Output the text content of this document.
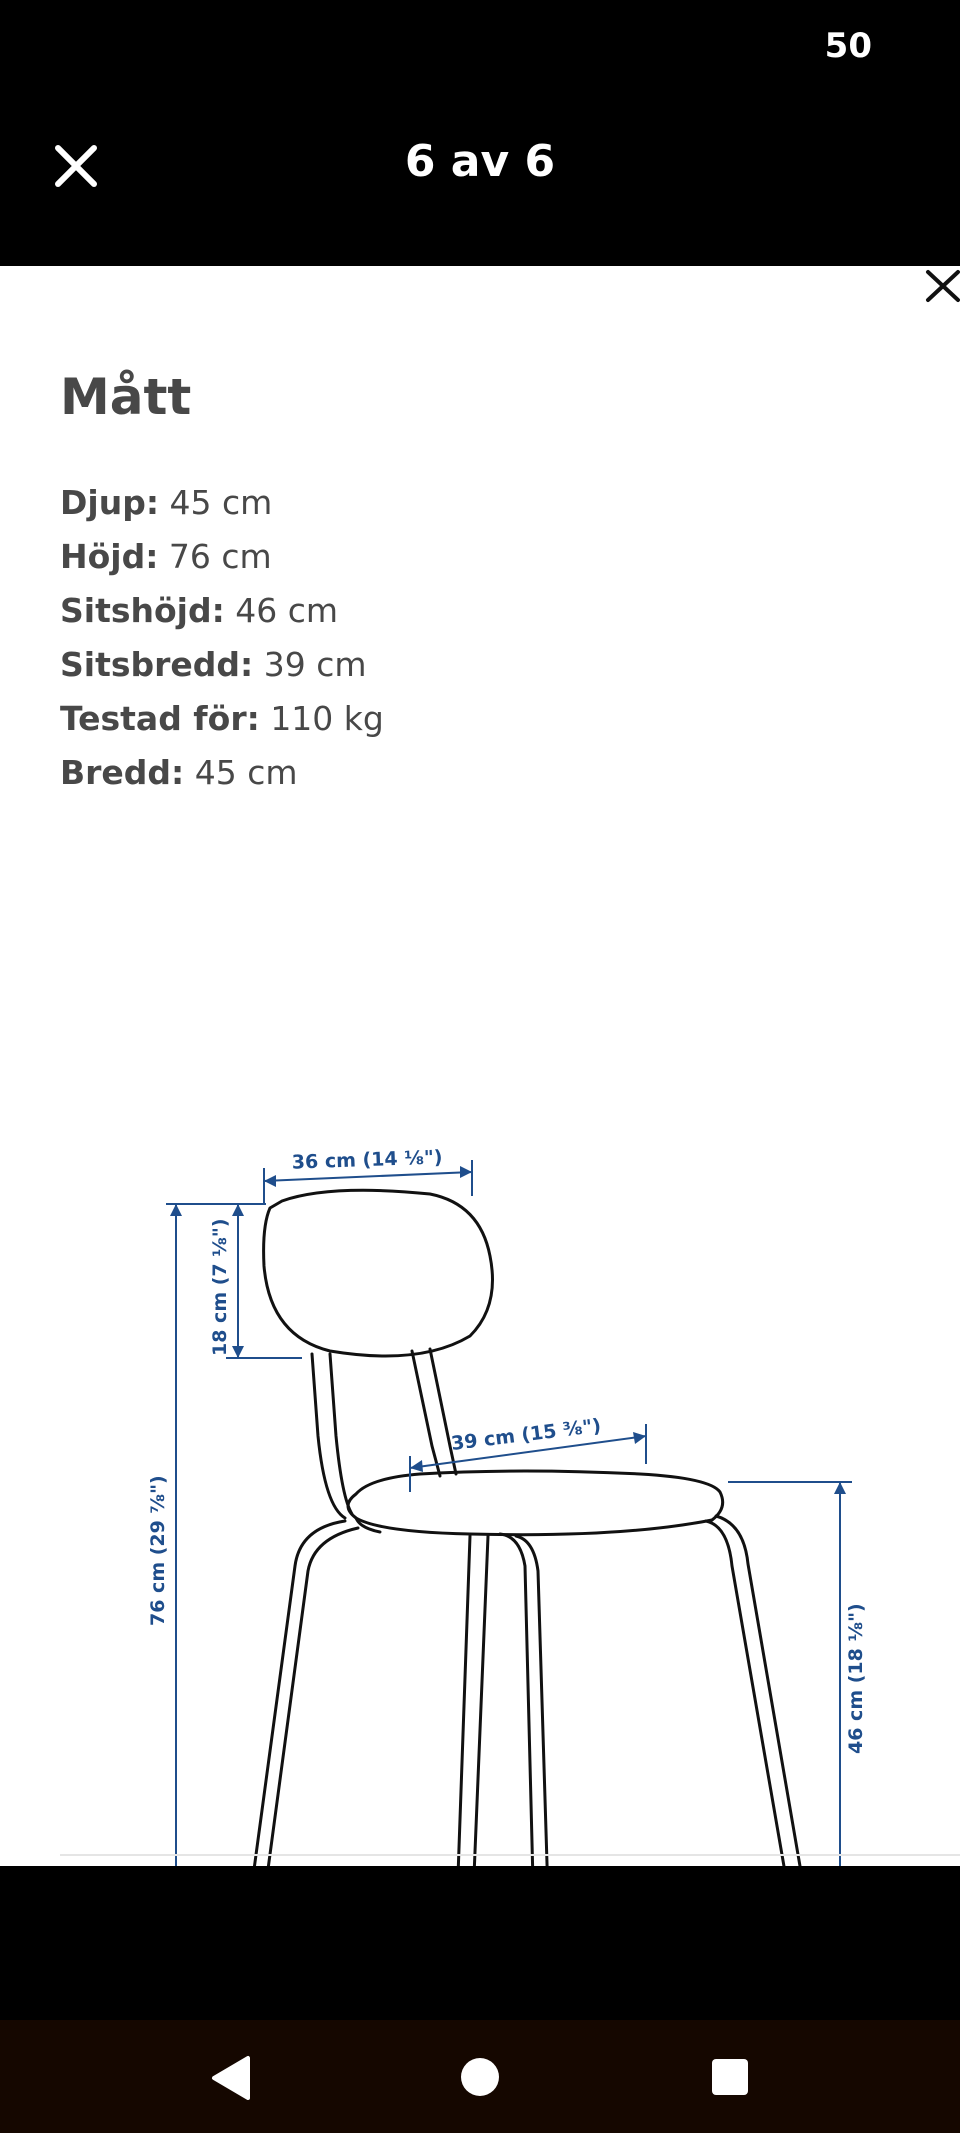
50
6 av 6
Mått
Djup: 45 cm
Höjd: 76 cm
Sitshöjd: 46 cm
Sitsbredd: 39 cm
Testad för: 110 kg
Bredd: 45 cm
36 cm (14 ⅛")
18 cm (7 ⅛")
76 cm (29 ⅞")
39 cm (15 ⅜")
46 cm (18 ⅛")
